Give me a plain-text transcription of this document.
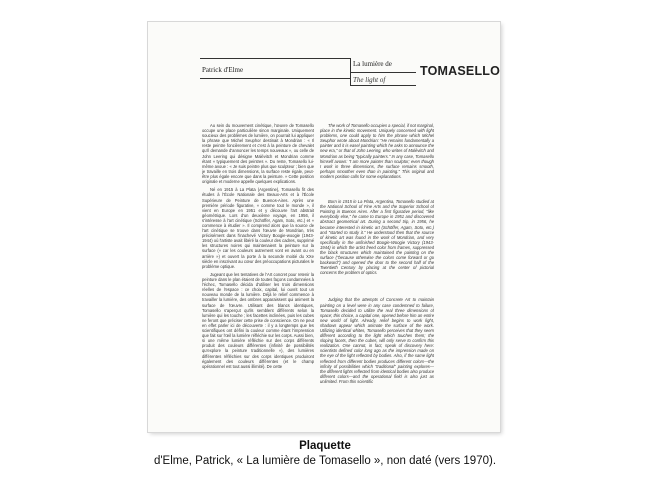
Patrick d'Elme
La lumière de
The light of
TOMASELLO

Au sein du mouvement cinétique, l'œuvre de Tomasello occupe une place particulière sinon marginale. Uniquement soucieux des problèmes de lumière, on pourrait lui appliquer la phrase que Michel Seuphor destinait à Mondrian : « Il reste peintre foncièrement et c'est à la peinture de chevalet qu'il demande d'annoncer les temps nouveaux », ou celle de John Leering qui désigne Malévitch et Mondrian comme étant « typiquement des peintres ». Du reste, Tomasello lui-même avoue : « Je suis peintre plus que sculpteur ; bien que je travaille en trois dimensions, la surface reste égale, peut-être plus égale encore que dans la peinture. » Cette position originale et moderne appelle quelques explications.

Né en 1915 à La Plata (Argentine), Tomasello fit des études à l'École Nationale des Beaux-Arts et à l'École Supérieure de Peinture de Buenos-Aires. Après une première période figurative, « comme tout le monde », il vient en Europe en 1951 et y découvre l'art abstrait géométrique. Lors d'un deuxième voyage, en 1956, il s'intéresse à l'art cinétique (Schöffer, Agam, Soto, etc.) et « commence à étudier ». Il comprend alors que la source de l'art cinétique se trouve dans l'œuvre de Mondrian, très précisément dans l'inachevé Victory Boogie-woogie (1943-1944) où l'artiste avait libéré la couleur des cadres, supprimé les structures noires qui maintenaient la peinture sur la surface (« car les couleurs autrement vont en avant ou en arrière ») et ouvert la porte à la seconde moitié du XXe siècle en inscrivant au cœur des préoccupations picturales le problème optique.

Jugeant que les tentatives de l'Art concret pour retenir la peinture dans le plan étaient de toutes façons condamnées à l'échec, Tomasello décida d'utiliser les trois dimensions réelles de l'espace : ce choix, capital, lui ouvrit tout un nouveau monde de la lumière. Déjà le relief commence à travailler la lumière, des ombres apparaissent qui animent la surface de l'œuvre. Utilisant des blancs identiques, Tomasello s'aperçut qu'ils semblent différents selon la lumière qui les touche ; les facettes inclinées, puis les cubes ne feront que préciser cette prise de conscience. On ne peut en effet parler ici de découverte : il y a longtemps que les scientifiques ont défini la couleur comme étant l'impression que fait sur l'œil la lumière réfléchie sur les corps. Aussi bien, si une même lumière réfléchie sur des corps différents produit des couleurs différentes (infinité de possibilités qu'explore la peinture traditionnelle »), des lumières différentes réfléchies sur des corps identiques produiront également des couleurs différentes (et le champ opérationnel est tout aussi illimité). De cette

The work of Tomasello occupies a special, if not marginal, place in the kinetic movement. Uniquely concerned with light problems, one could apply to him the phrase which Michel Seuphor wrote about Mondrian: "He remains fundamentally a painter and it is easel painting which he asks to announce the new era," or that of John Leering, who writes of Malévitch and Mondrian as being "typically painters." In any case, Tomasello himself avows: "I am more painter than sculptor; even though I work in three dimensions, the surface remains smooth, perhaps smoother even than in painting." This original and modern position calls for some explanations.

Born in 1915 in La Plata, Argentina, Tomasello studied at the National School of Fine Arts and the Superior School of Painting in Buenos Aires. After a first figurative period, "like everybody else," he came to Europe in 1951 and discovered abstract geometrical art. During a second trip, in 1956, he became interested in kinetic art (Schöffer, Agam, Soto, etc.) and "started to study it." He understood then that the source of kinetic art was found in the work of Mondrian, and very specifically in the unfinished Boogie-Woogie Victory (1943-1944) in which the artist freed color from frames, suppressed the black structures which maintained the painting on the surface ("because otherwise the colors come forward or go backward") and opened the door to the second half of the Twentieth Century by placing at the center of pictorial concerns the problem of optics.

Judging that the attempts of Concrete Art to maintain painting on a level were in any case condemned to failure, Tomasello decided to utilize the real three dimensions of space; this choice, a capital one, opened before him an entire new world of light. Already, relief begins to work light, shadows appear which animate the surface of the work. Utilizing identical whites, Tomasello perceives that they seem different according to the light which touches them; the sloping facets, then the cubes, will only serve to confirm this realization. One cannot, in fact, speak of discovery here: scientists defined color long ago as the impression made on the eye of the light reflected by bodies. Also, if the same light reflected from different bodies produces different colors—the infinity of possibilities which "traditional" painting explores—the different lights reflected from identical bodies also produce different colors—and the operational field is also just as unlimited. From this scientific

Plaquette
d'Elme, Patrick, « La lumière de Tomasello », non daté (vers 1970).
